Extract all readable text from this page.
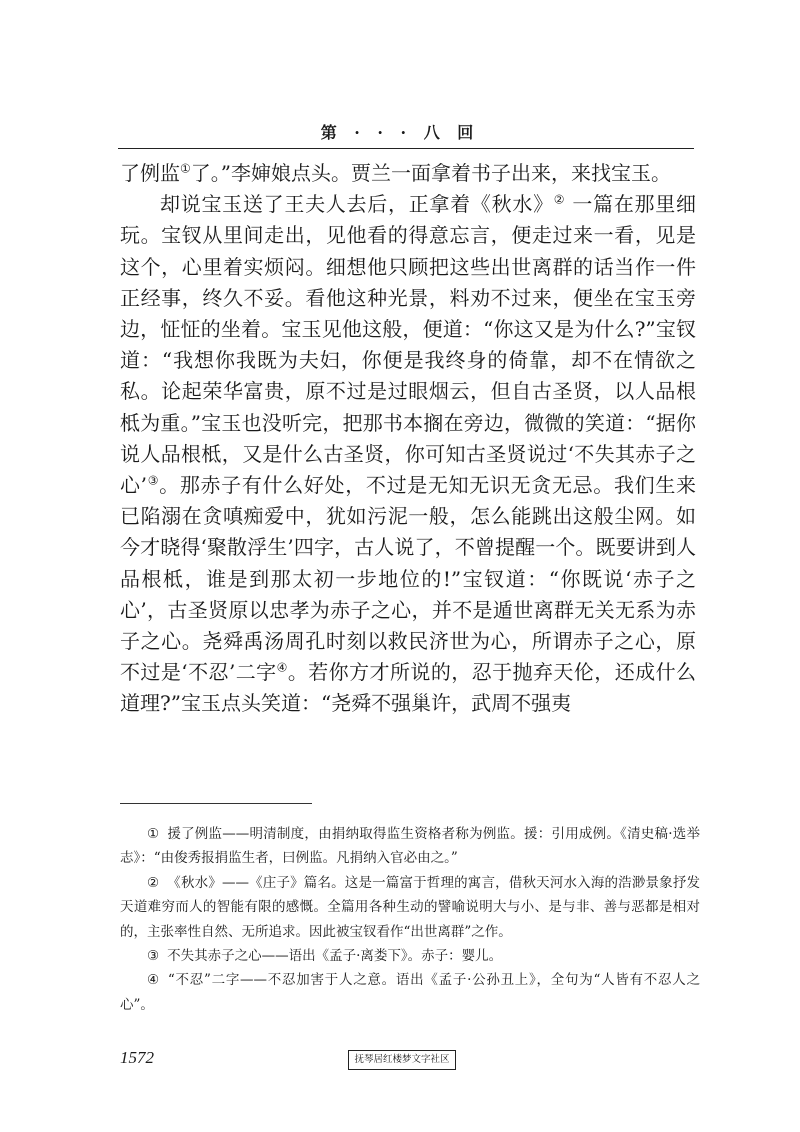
第 · · · 八 回

了例监①了。”李婶娘点头。贾兰一面拿着书子出来，来找宝玉。

却说宝玉送了王夫人去后，正拿着《秋水》② 一篇在那里细玩。宝钗从里间走出，见他看的得意忘言，便走过来一看，见是这个，心里着实烦闷。细想他只顾把这些出世离群的话当作一件正经事，终久不妥。看他这种光景，料劝不过来，便坐在宝玉旁边，怔怔的坐着。宝玉见他这般，便道：“你这又是为什么?”宝钗道：“我想你我既为夫妇，你便是我终身的倚靠，却不在情欲之私。论起荣华富贵，原不过是过眼烟云，但自古圣贤，以人品根柢为重。”宝玉也没听完，把那书本搁在旁边，微微的笑道：“据你说人品根柢，又是什么古圣贤，你可知古圣贤说过‘不失其赤子之心’③。那赤子有什么好处，不过是无知无识无贪无忌。我们生来已陷溺在贪嗔痴爱中，犹如污泥一般，怎么能跳出这般尘网。如今才晓得‘聚散浮生’四字，古人说了，不曾提醒一个。既要讲到人品根柢，谁是到那太初一步地位的!”宝钗道：“你既说‘赤子之心’，古圣贤原以忠孝为赤子之心，并不是遁世离群无关无系为赤子之心。尧舜禹汤周孔时刻以救民济世为心，所谓赤子之心，原不过是‘不忍’二字④。若你方才所说的，忍于抛弃天伦，还成什么道理?”宝玉点头笑道：“尧舜不强巢许，武周不强夷

① 援了例监——明清制度，由捐纳取得监生资格者称为例监。援：引用成例。《清史稿·选举志》：“由俊秀报捐监生者，曰例监。凡捐纳入官必由之。”

② 《秋水》——《庄子》篇名。这是一篇富于哲理的寓言，借秋天河水入海的浩渺景象抒发天道难穷而人的智能有限的感慨。全篇用各种生动的譬喻说明大与小、是与非、善与恶都是相对的，主张率性自然、无所追求。因此被宝钗看作“出世离群”之作。

③ 不失其赤子之心——语出《孟子·离娄下》。赤子：婴儿。

④ “不忍”二字——不忍加害于人之意。语出《孟子·公孙丑上》，全句为“人皆有不忍人之心”。

1572	抚琴居红楼梦文字社区
